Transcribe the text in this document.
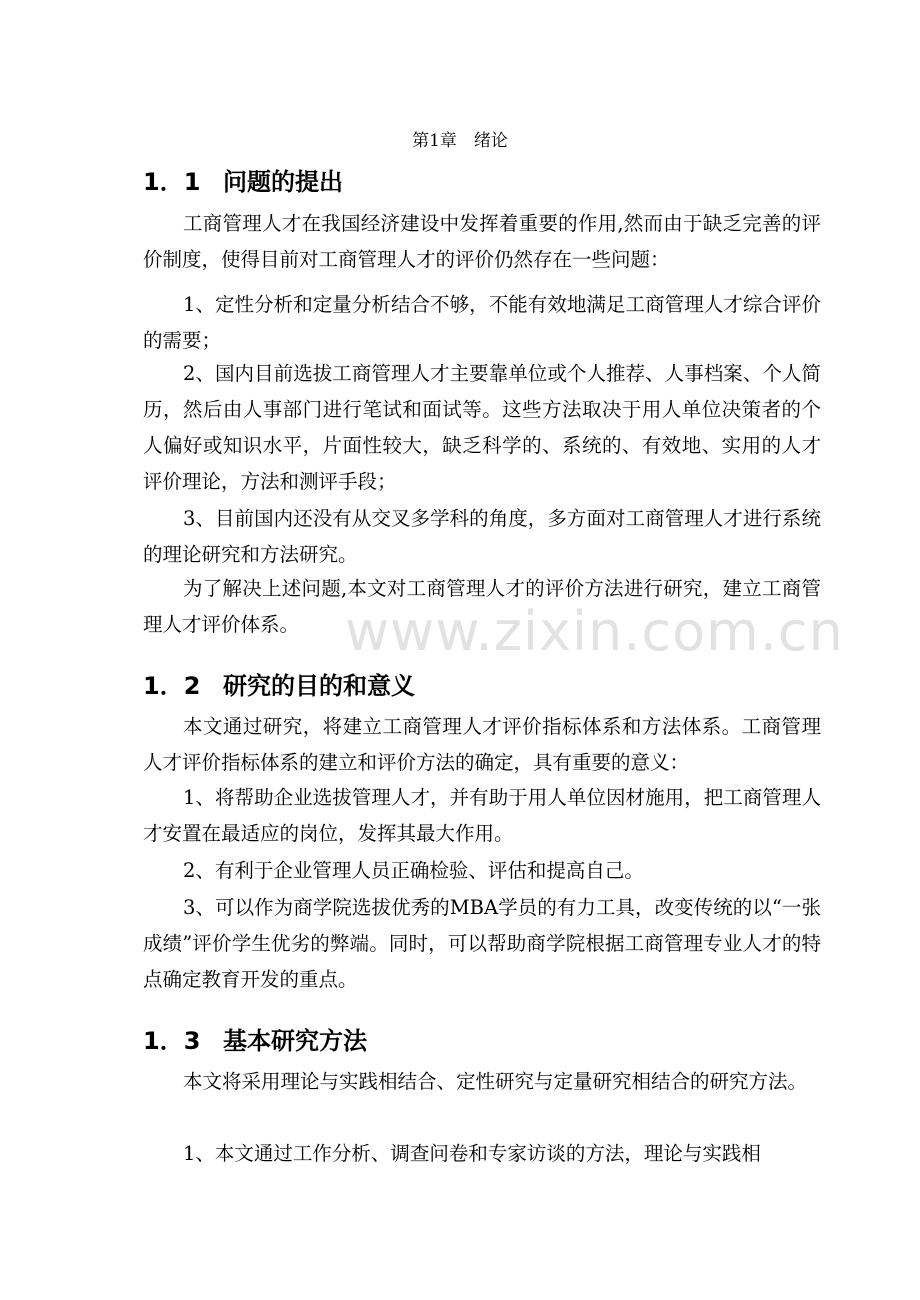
第1章　绪论
1．1 问题的提出
工商管理人才在我国经济建设中发挥着重要的作用,然而由于缺乏完善的评价制度，使得目前对工商管理人才的评价仍然存在一些问题：
1、定性分析和定量分析结合不够，不能有效地满足工商管理人才综合评价的需要；
2、国内目前选拔工商管理人才主要靠单位或个人推荐、人事档案、个人简历，然后由人事部门进行笔试和面试等。这些方法取决于用人单位决策者的个人偏好或知识水平，片面性较大，缺乏科学的、系统的、有效地、实用的人才评价理论，方法和测评手段；
3、目前国内还没有从交叉多学科的角度，多方面对工商管理人才进行系统的理论研究和方法研究。
为了解决上述问题,本文对工商管理人才的评价方法进行研究，建立工商管理人才评价体系。
1．2 研究的目的和意义
本文通过研究，将建立工商管理人才评价指标体系和方法体系。工商管理人才评价指标体系的建立和评价方法的确定，具有重要的意义：
1、将帮助企业选拔管理人才，并有助于用人单位因材施用，把工商管理人才安置在最适应的岗位，发挥其最大作用。
2、有利于企业管理人员正确检验、评估和提高自己。
3、可以作为商学院选拔优秀的MBA学员的有力工具，改变传统的以“一张成绩”评价学生优劣的弊端。同时，可以帮助商学院根据工商管理专业人才的特点确定教育开发的重点。
1．3 基本研究方法
本文将采用理论与实践相结合、定性研究与定量研究相结合的研究方法。
1、本文通过工作分析、调查问卷和专家访谈的方法，理论与实践相
www.zixin.com.cn
